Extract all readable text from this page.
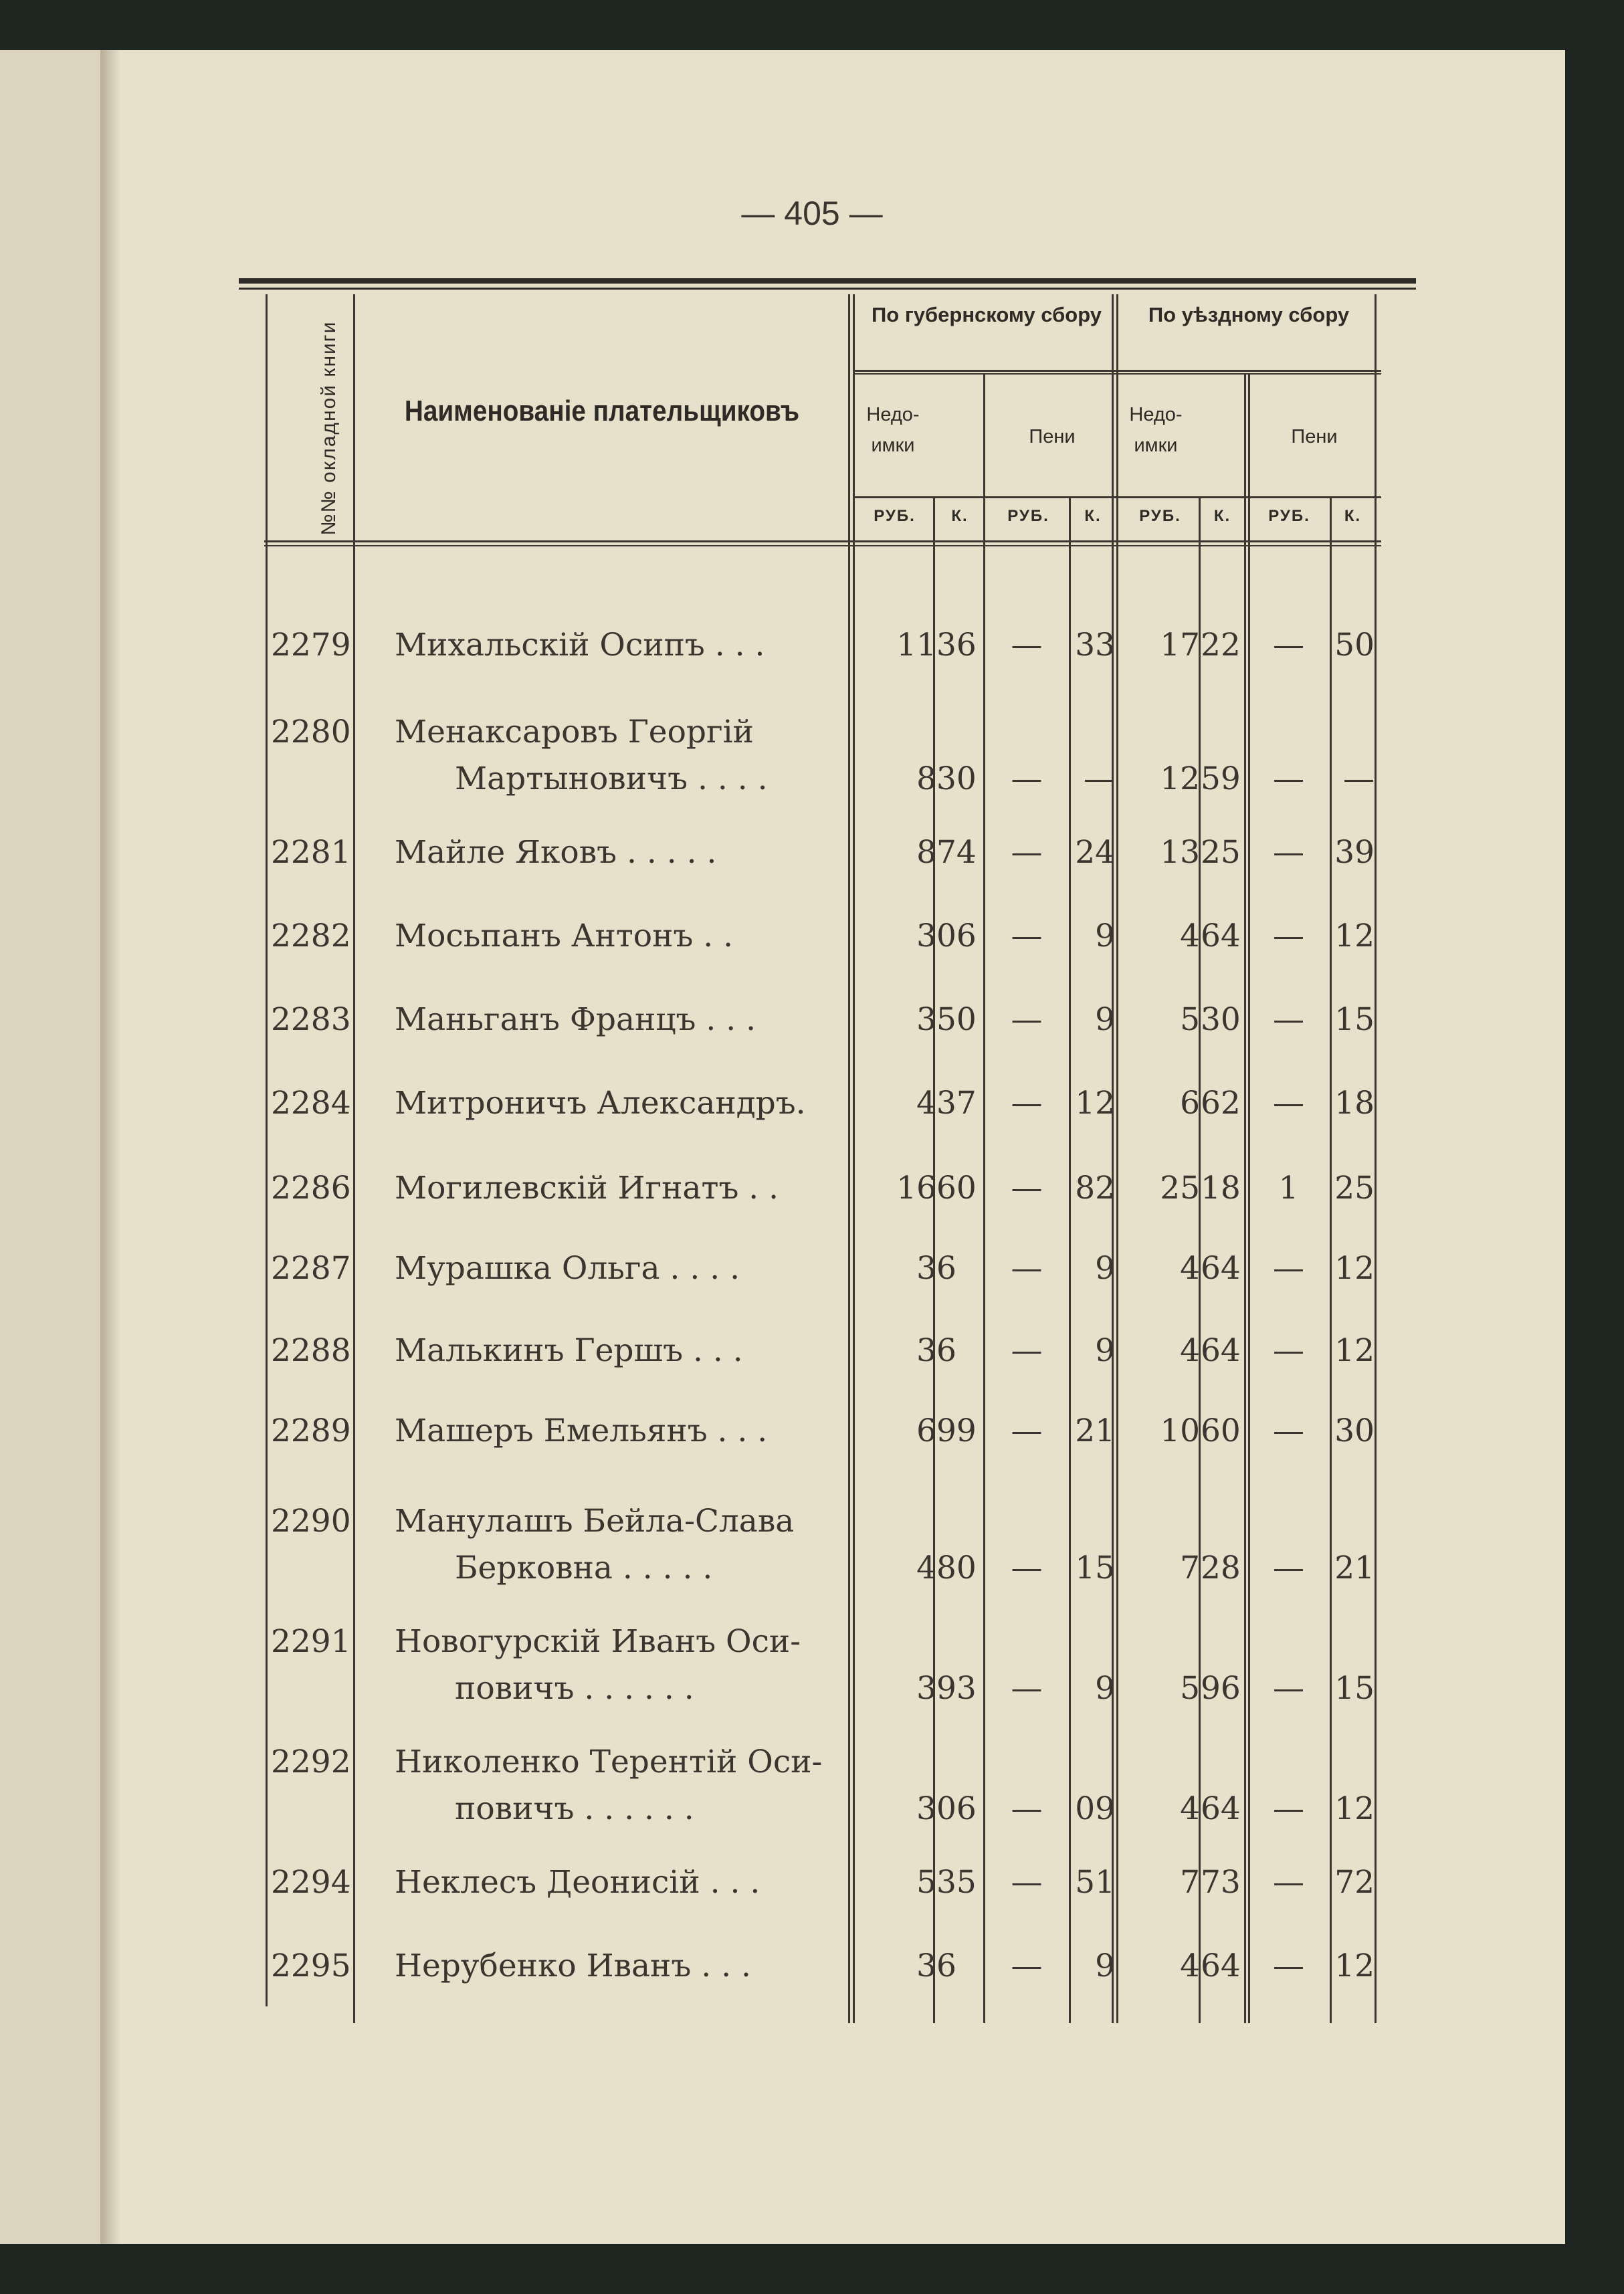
— 405 —
№№ окладной книги	Наименованіе плательщиковъ
По губернскому сбору	По уѣздному сбору
Недо-имки	Пени
Недо-имки	Пени
РУБ.	К.	РУБ.	К.	РУБ.	К.	РУБ.	К.
2279 Михальскій Осипъ . . .	11 36	—	33	17 22	— 50
2280 Менаксаровъ Георгій
Мартыновичъ . . . .	8 30	—	—	12 59	—	—
2281 Майле Яковъ . . . . .	8 74	—	24	13 25	— 39
2282 Мосьпанъ Антонъ . .	3 06	—	9	4 64	— 12
2283 Маньганъ Францъ . . .	3 50	—	9	5 30	— 15
2284 Митроничъ Александръ.	4 37	—	12	6 62	— 18
2286 Могилевскій Игнатъ . .	16 60	—	82	25 18	1	25
2287 Мурашка Ольга . . . .	3 6	—	9	4 64	— 12
2288 Малькинъ Гершъ . . .	3 6	—	9	4 64	— 12
2289 Машеръ Емельянъ . . .	6 99	—	21	10 60	— 30
2290 Манулашъ Бейла-Слава
Берковна . . . . .	4 80	—	15	7 28	— 21
2291 Новогурскій Иванъ Оси-
повичъ . . . . . .	3 93	—	9	5 96	— 15
2292 Николенко Терентій Оси-
повичъ . . . . . .	3 06	—	09	4 64	— 12
2294 Неклесъ Деонисій . . .	5 35	—	51	7 73	— 72
2295 Нерубенко Иванъ . . .	3 6	—	9	4 64	— 12
